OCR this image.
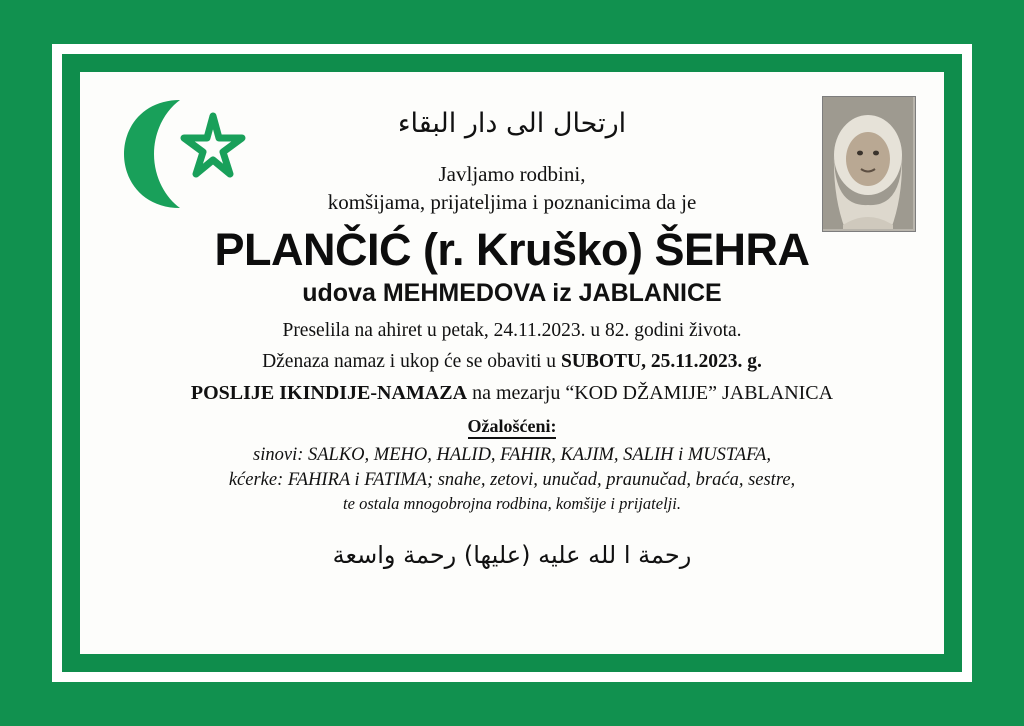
ارتحال الى دار البقاء
Javljamo rodbini,
komšijama, prijateljima i poznanicima da je
PLANČIĆ (r. Kruško) ŠEHRA
udova MEHMEDOVA iz JABLANICE
Preselila na ahiret u petak, 24.11.2023. u 82. godini života.
Dženaza namaz i ukop će se obaviti u SUBOTU, 25.11.2023. g.
POSLIJE IKINDIJE-NAMAZA na mezarju “KOD DŽAMIJE” JABLANICA
Ožalošćeni:
sinovi: SALKO, MEHO, HALID, FAHIR, KAJIM, SALIH i MUSTAFA,
kćerke: FAHIRA i FATIMA; snahe, zetovi, unučad, praunučad, braća, sestre,
te ostala mnogobrojna rodbina, komšije i prijatelji.
رحمة ا لله عليه (عليها) رحمة واسعة
